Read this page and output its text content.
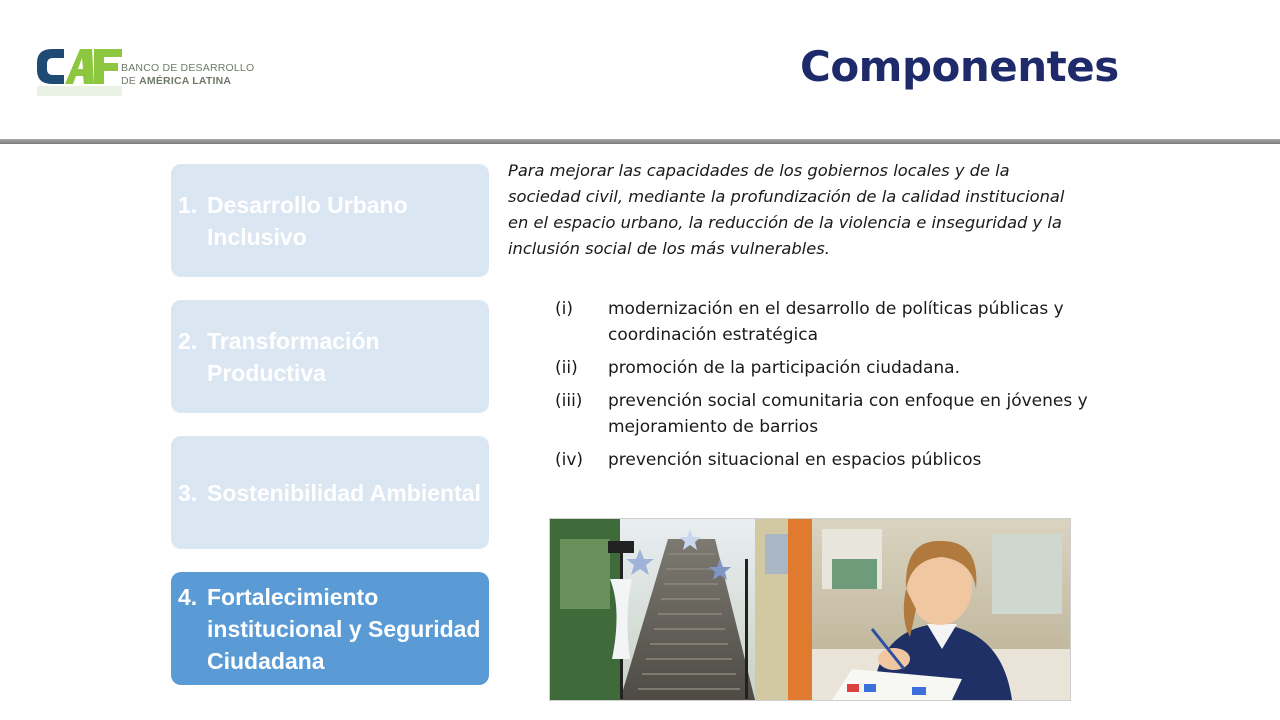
BANCO DE DESARROLLO
DE AMÉRICA LATINA	Componentes
1. Desarrollo Urbano Inclusivo
2. Transformación Productiva
3. Sostenibilidad Ambiental
4. Fortalecimiento institucional y Seguridad Ciudadana

Para mejorar las capacidades de los gobiernos locales y de la sociedad civil, mediante la profundización de la calidad institucional en el espacio urbano, la reducción de la violencia e inseguridad y la inclusión social de los más vulnerables.

(i)	modernización en el desarrollo de políticas públicas y coordinación estratégica
(ii)	promoción de la participación ciudadana.
(iii)	prevención social comunitaria con enfoque en jóvenes y mejoramiento de barrios
(iv)	prevención situacional en espacios públicos
